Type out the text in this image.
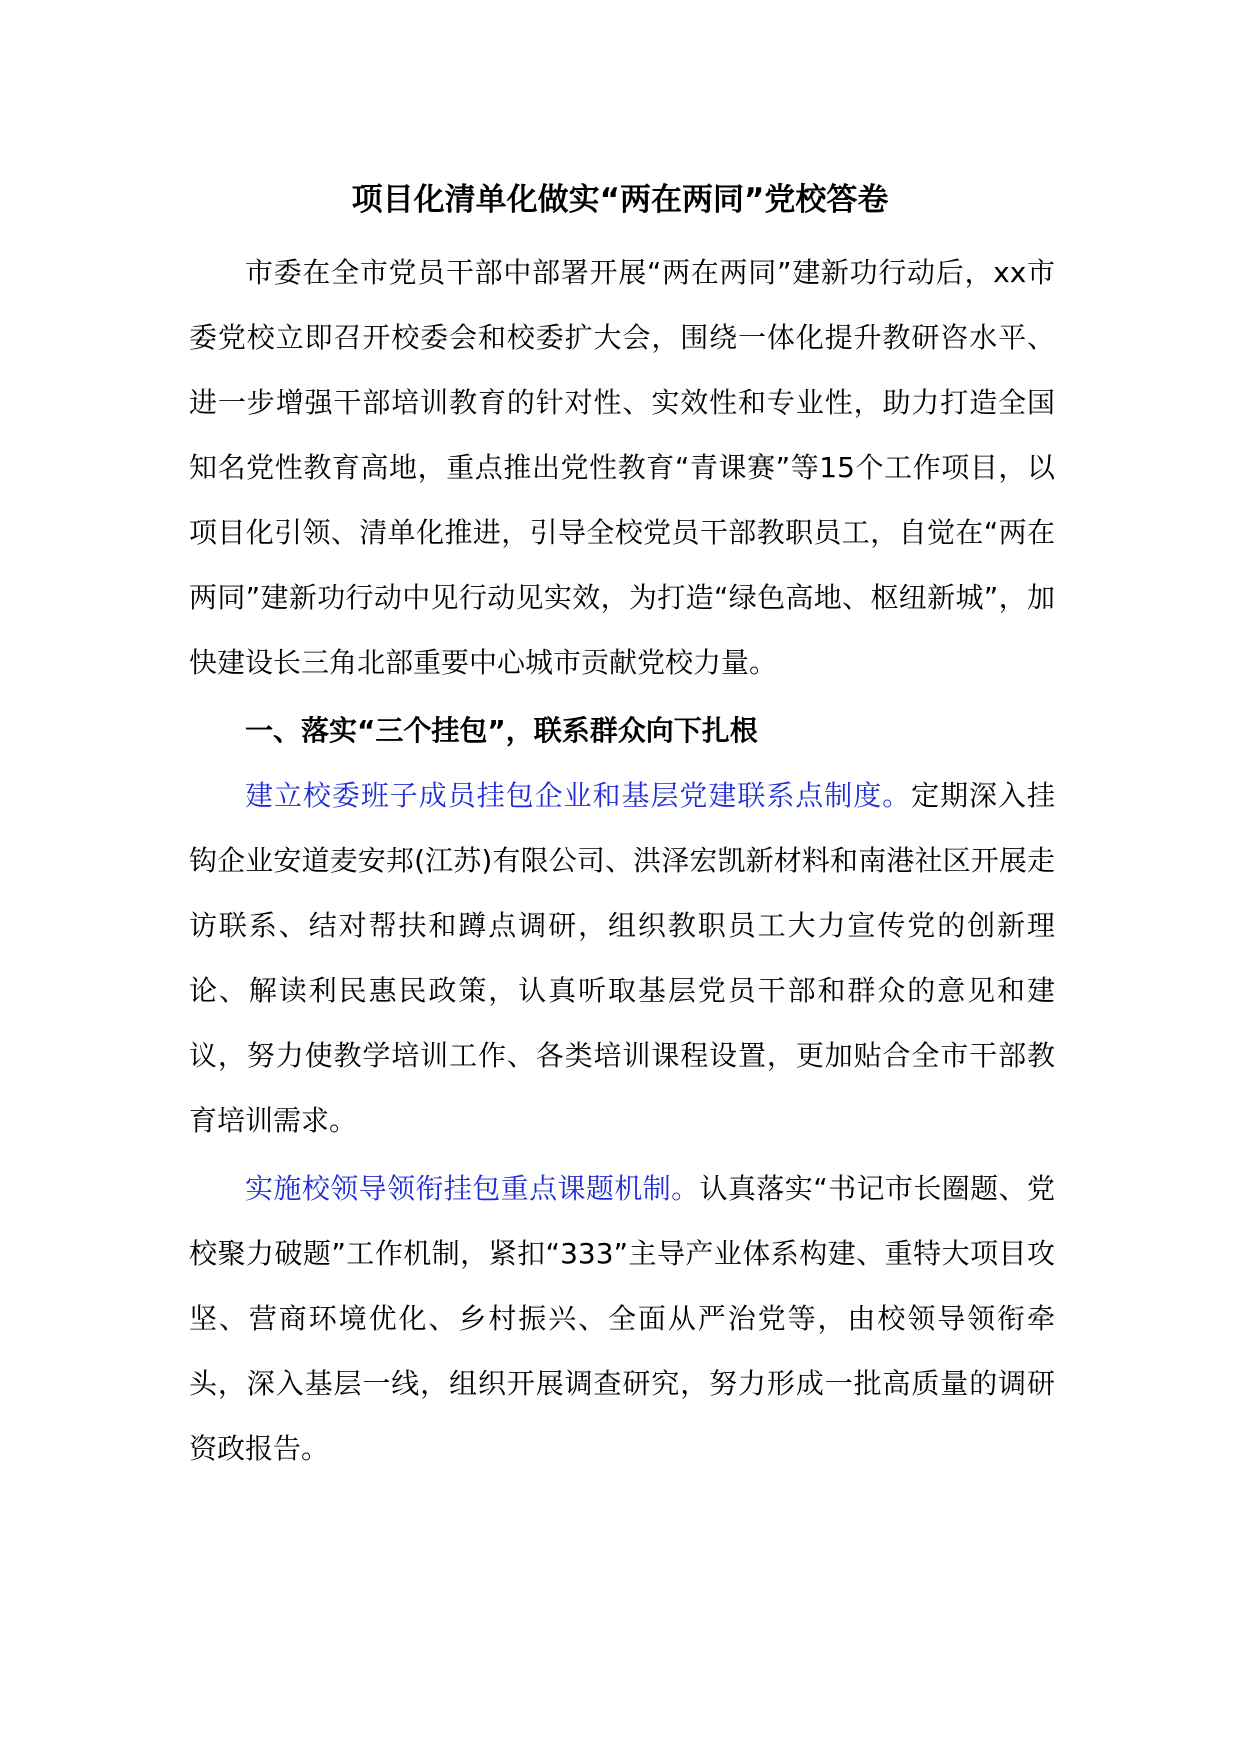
项目化清单化做实“两在两同”党校答卷

市委在全市党员干部中部署开展“两在两同”建新功行动后，xx市委党校立即召开校委会和校委扩大会，围绕一体化提升教研咨水平、进一步增强干部培训教育的针对性、实效性和专业性，助力打造全国知名党性教育高地，重点推出党性教育“青课赛”等15个工作项目，以项目化引领、清单化推进，引导全校党员干部教职员工，自觉在“两在两同”建新功行动中见行动见实效，为打造“绿色高地、枢纽新城”，加快建设长三角北部重要中心城市贡献党校力量。

一、落实“三个挂包”，联系群众向下扎根

建立校委班子成员挂包企业和基层党建联系点制度。定期深入挂钩企业安道麦安邦(江苏)有限公司、洪泽宏凯新材料和南港社区开展走访联系、结对帮扶和蹲点调研，组织教职员工大力宣传党的创新理论、解读利民惠民政策，认真听取基层党员干部和群众的意见和建议，努力使教学培训工作、各类培训课程设置，更加贴合全市干部教育培训需求。

实施校领导领衔挂包重点课题机制。认真落实“书记市长圈题、党校聚力破题”工作机制，紧扣“333”主导产业体系构建、重特大项目攻坚、营商环境优化、乡村振兴、全面从严治党等，由校领导领衔牵头，深入基层一线，组织开展调查研究，努力形成一批高质量的调研资政报告。
